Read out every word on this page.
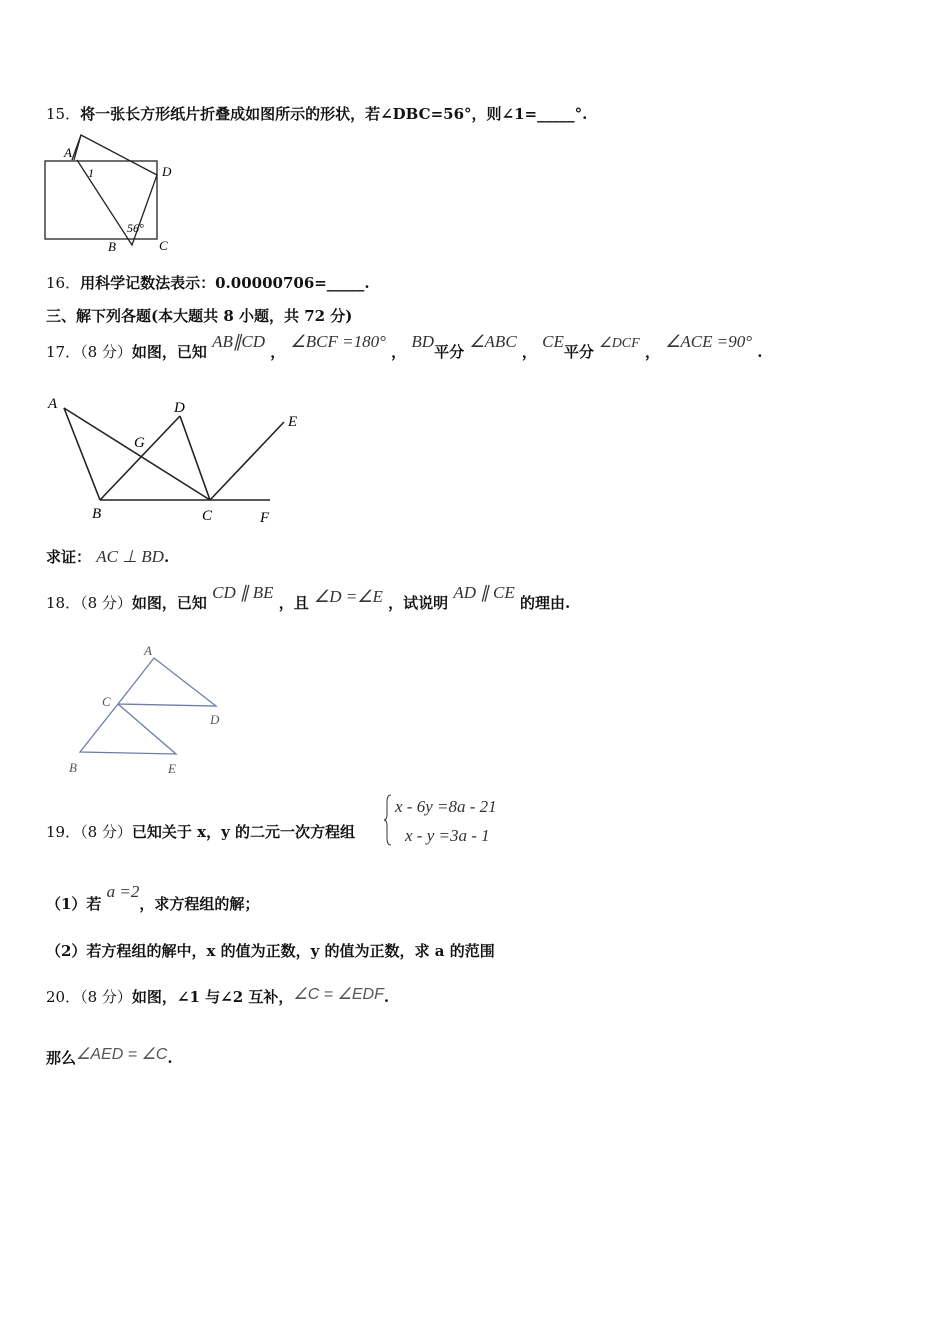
15．将一张长方形纸片折叠成如图所示的形状，若∠DBC=56°，则∠1=_____°.
A
1	D
56°
B	C
16．用科学记数法表示：0.00000706=_____.
三、解下列各题(本大题共 8 小题，共 72 分)
17．（8 分）如图，已知 AB∥CD ， ∠BCF =180° ， BD平分 ∠ABC ， CE平分 ∠DCF ， ∠ACE =90° .
A	D
E
G
B	C	F
求证： AC ⊥ BD.
18．（8 分）如图，已知 CD ∥ BE ，且 ∠D =∠E ，试说明 AD ∥ CE 的理由.
A
C
D
B	E
19．（8 分）已知关于 x，y 的二元一次方程组
x - 6y =8a - 21
x - y =3a - 1
（1）若 a =2，求方程组的解；
（2）若方程组的解中，x 的值为正数，y 的值为正数，求 a 的范围
20．（8 分）如图，∠1 与∠2 互补，∠C = ∠EDF.
那么∠AED = ∠C.
